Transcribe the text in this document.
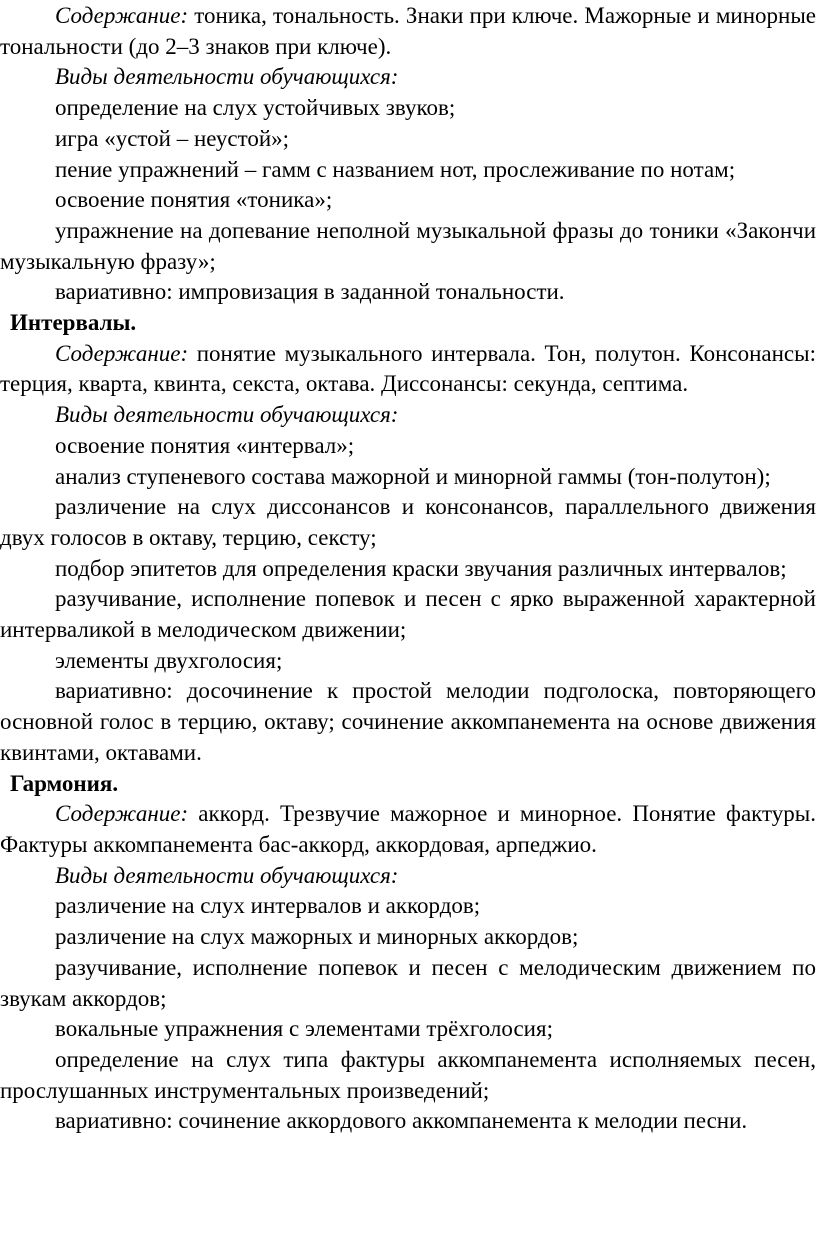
Содержание: тоника, тональность. Знаки при ключе. Мажорные и минорные тональности (до 2–3 знаков при ключе).

Виды деятельности обучающихся:

определение на слух устойчивых звуков;

игра «устой – неустой»;

пение упражнений – гамм с названием нот, прослеживание по нотам;

освоение понятия «тоника»;

упражнение на допевание неполной музыкальной фразы до тоники «Закончи музыкальную фразу»;

вариативно: импровизация в заданной тональности.

Интервалы.

Содержание: понятие музыкального интервала. Тон, полутон. Консонансы: терция, кварта, квинта, секста, октава. Диссонансы: секунда, септима.

Виды деятельности обучающихся:

освоение понятия «интервал»;

анализ ступеневого состава мажорной и минорной гаммы (тон-полутон);

различение на слух диссонансов и консонансов, параллельного движения двух голосов в октаву, терцию, сексту;

подбор эпитетов для определения краски звучания различных интервалов;

разучивание, исполнение попевок и песен с ярко выраженной характерной интерваликой в мелодическом движении;

элементы двухголосия;

вариативно: досочинение к простой мелодии подголоска, повторяющего основной голос в терцию, октаву; сочинение аккомпанемента на основе движения квинтами, октавами.

Гармония.

Содержание: аккорд. Трезвучие мажорное и минорное. Понятие фактуры. Фактуры аккомпанемента бас-аккорд, аккордовая, арпеджио.

Виды деятельности обучающихся:

различение на слух интервалов и аккордов;

различение на слух мажорных и минорных аккордов;

разучивание, исполнение попевок и песен с мелодическим движением по звукам аккордов;

вокальные упражнения с элементами трёхголосия;

определение на слух типа фактуры аккомпанемента исполняемых песен, прослушанных инструментальных произведений;

вариативно: сочинение аккордового аккомпанемента к мелодии песни.
